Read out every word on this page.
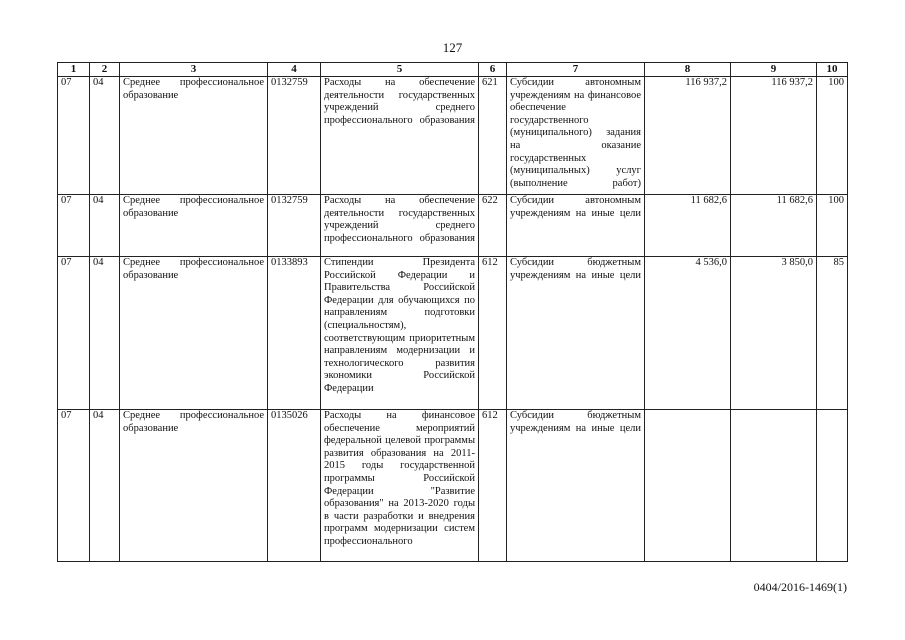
127
1	2	3	4	5	6	7	8	9	10
07	04	Среднее профессиональное образование	0132759	Расходы на обеспечение деятельности государственных учреждений среднего профессионального образования	621	Субсидии автономным учреждениям на финансовое обеспечение государственного (муниципального) задания на оказание государственных (муниципальных) услуг (выполнение работ)	116 937,2	116 937,2	100
07	04	Среднее профессиональное образование	0132759	Расходы на обеспечение деятельности государственных учреждений среднего профессионального образования	622	Субсидии автономным учреждениям на иные цели	11 682,6	11 682,6	100
07	04	Среднее профессиональное образование	0133893	Стипендии Президента Российской Федерации и Правительства Российской Федерации для обучающихся по направлениям подготовки (специальностям), соответствующим приоритетным направлениям модернизации и технологического развития экономики Российской Федерации	612	Субсидии бюджетным учреждениям на иные цели	4 536,0	3 850,0	85
07	04	Среднее профессиональное образование	0135026	Расходы на финансовое обеспечение мероприятий федеральной целевой программы развития образования на 2011-2015 годы государственной программы Российской Федерации "Развитие образования" на 2013-2020 годы в части разработки и внедрения программ модернизации систем профессионального	612	Субсидии бюджетным учреждениям на иные цели			
0404/2016-1469(1)
